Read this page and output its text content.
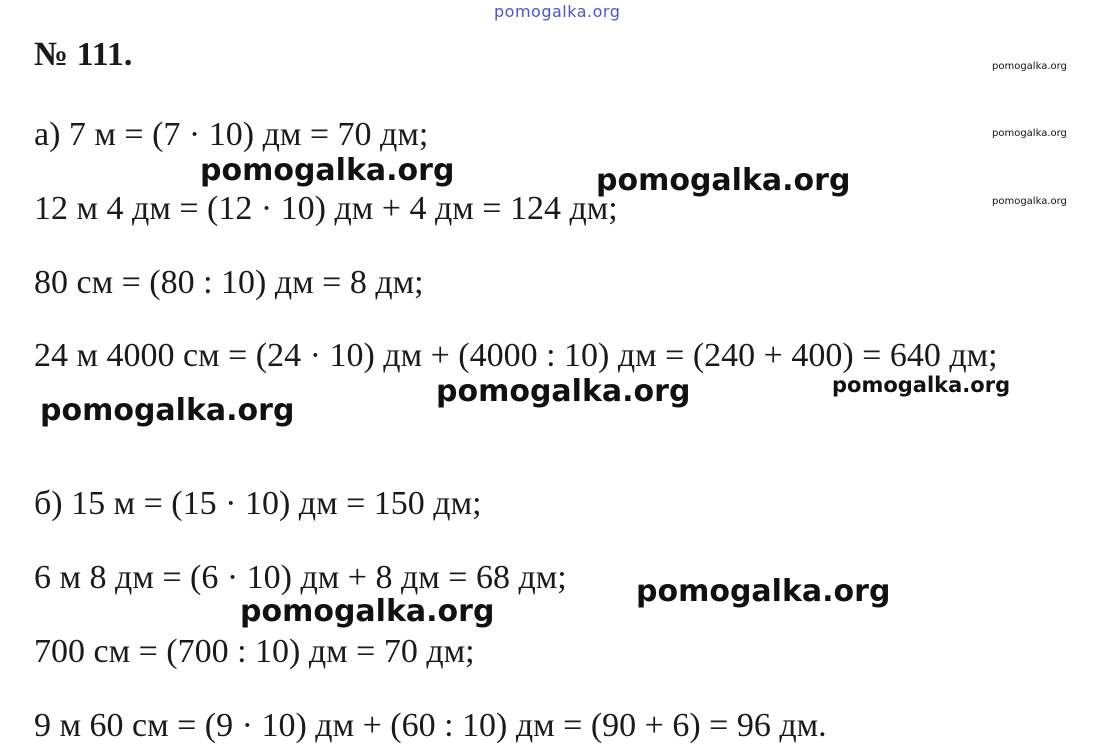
pomogalka.org
№ 111.	pomogalka.org
pomogalka.org
pomogalka.org
а) 7 м = (7 · 10) дм = 70 дм;
12 м 4 дм = (12 · 10) дм + 4 дм = 124 дм;
80 см = (80 : 10) дм = 8 дм;
24 м 4000 см = (24 · 10) дм + (4000 : 10) дм = (240 + 400) = 640 дм;
б) 15 м = (15 · 10) дм = 150 дм;
6 м 8 дм = (6 · 10) дм + 8 дм = 68 дм;
700 см = (700 : 10) дм = 70 дм;
9 м 60 см = (9 · 10) дм + (60 : 10) дм = (90 + 6) = 96 дм.
pomogalka.org	pomogalka.org
pomogalka.org	pomogalka.org
pomogalka.org
pomogalka.org
pomogalka.org
